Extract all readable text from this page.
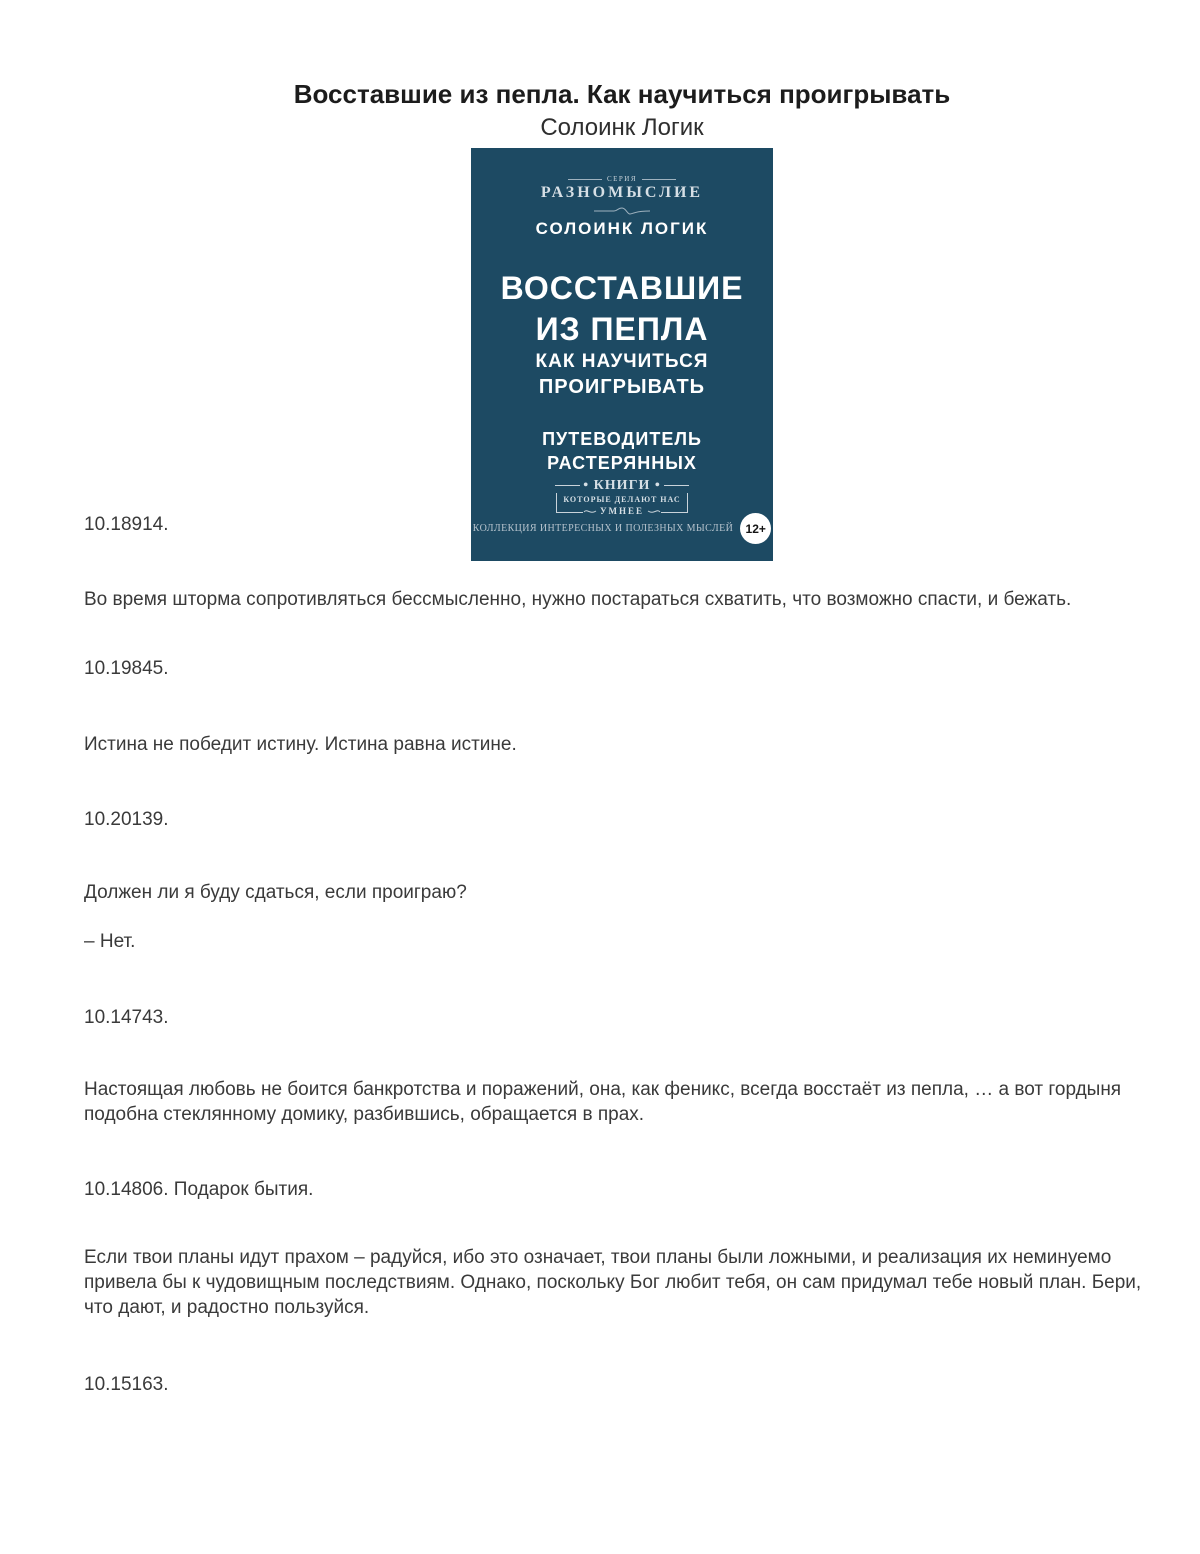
Восставшие из пепла. Как научиться проигрывать
Солоинк Логик
СЕРИЯ
РАЗНОМЫСЛИЕ
СОЛОИНК ЛОГИК
ВОССТАВШИЕ
ИЗ ПЕПЛА
КАК НАУЧИТЬСЯ
ПРОИГРЫВАТЬ
ПУТЕВОДИТЕЛЬ
РАСТЕРЯННЫХ
• КНИГИ •
КОТОРЫЕ ДЕЛАЮТ НАС
УМНЕЕ
КОЛЛЕКЦИЯ ИНТЕРЕСНЫХ И ПОЛЕЗНЫХ МЫСЛЕЙ	12+

10.18914.

Во время шторма сопротивляться бессмысленно, нужно постараться схватить, что возможно спасти, и бежать.

10.19845.

Истина не победит истину. Истина равна истине.

10.20139.

Должен ли я буду сдаться, если проиграю?

– Нет.

10.14743.

Настоящая любовь не боится банкротства и поражений, она, как феникс, всегда восстаёт из пепла, … а вот гордыня подобна стеклянному домику, разбившись, обращается в прах.

10.14806. Подарок бытия.

Если твои планы идут прахом – радуйся, ибо это означает, твои планы были ложными, и реализация их неминуемо привела бы к чудовищным последствиям. Однако, поскольку Бог любит тебя, он сам придумал тебе новый план. Бери, что дают, и радостно пользуйся.

10.15163.
